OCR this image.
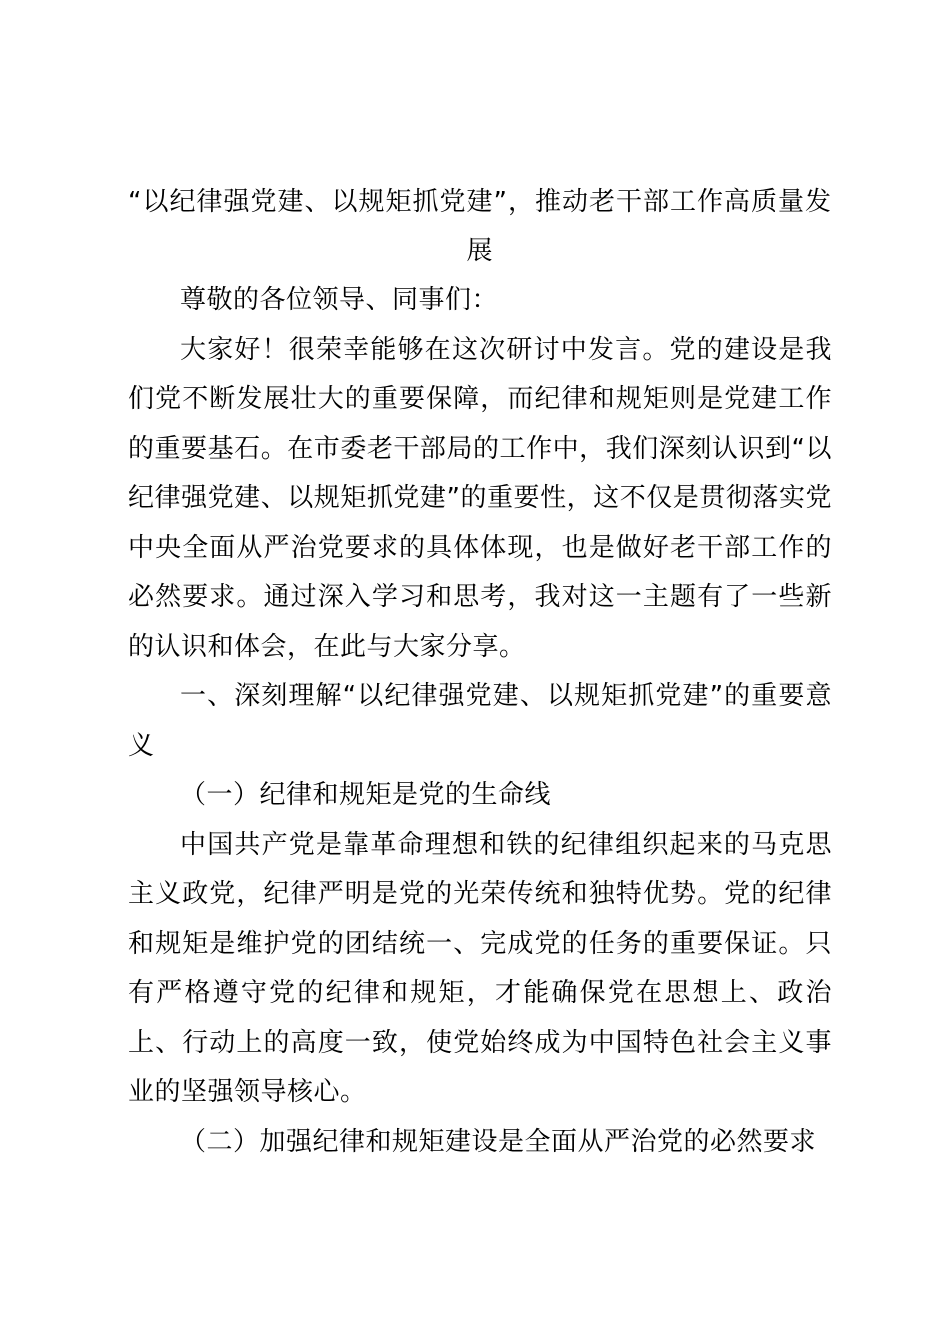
“以纪律强党建、以规矩抓党建”，推动老干部工作高质量发展

尊敬的各位领导、同事们：

大家好！很荣幸能够在这次研讨中发言。党的建设是我们党不断发展壮大的重要保障，而纪律和规矩则是党建工作的重要基石。在市委老干部局的工作中，我们深刻认识到“以纪律强党建、以规矩抓党建”的重要性，这不仅是贯彻落实党中央全面从严治党要求的具体体现，也是做好老干部工作的必然要求。通过深入学习和思考，我对这一主题有了一些新的认识和体会，在此与大家分享。

一、深刻理解“以纪律强党建、以规矩抓党建”的重要意义

（一）纪律和规矩是党的生命线

中国共产党是靠革命理想和铁的纪律组织起来的马克思主义政党，纪律严明是党的光荣传统和独特优势。党的纪律和规矩是维护党的团结统一、完成党的任务的重要保证。只有严格遵守党的纪律和规矩，才能确保党在思想上、政治上、行动上的高度一致，使党始终成为中国特色社会主义事业的坚强领导核心。

（二）加强纪律和规矩建设是全面从严治党的必然要求
